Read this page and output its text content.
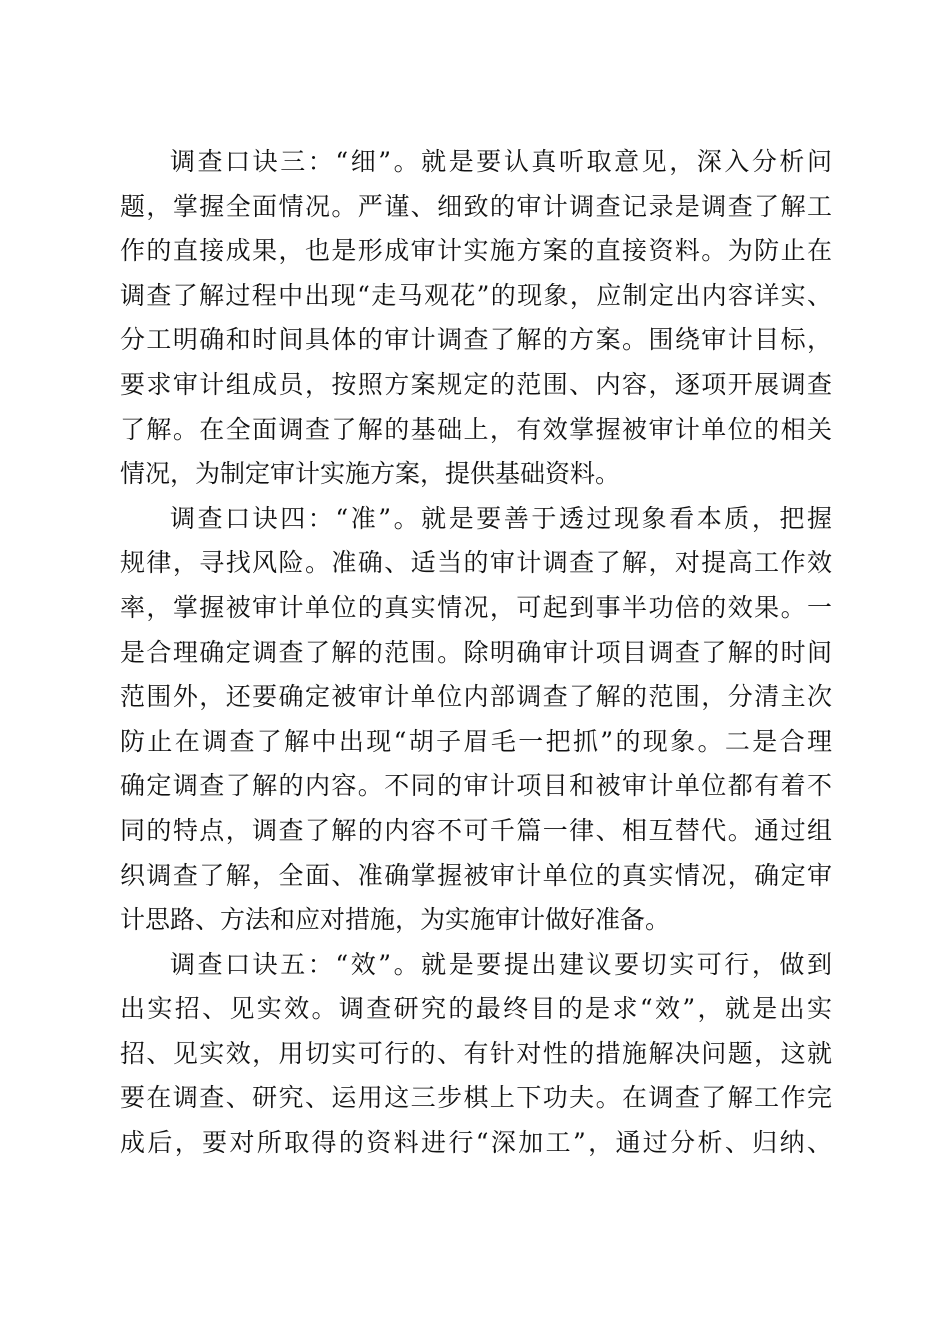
调查口诀三：“细”。就是要认真听取意见，深入分析问
题，掌握全面情况。严谨、细致的审计调查记录是调查了解工
作的直接成果，也是形成审计实施方案的直接资料。为防止在
调查了解过程中出现“走马观花”的现象，应制定出内容详实、
分工明确和时间具体的审计调查了解的方案。围绕审计目标，
要求审计组成员，按照方案规定的范围、内容，逐项开展调查
了解。在全面调查了解的基础上，有效掌握被审计单位的相关
情况，为制定审计实施方案，提供基础资料。
调查口诀四：“准”。就是要善于透过现象看本质，把握
规律，寻找风险。准确、适当的审计调查了解，对提高工作效
率，掌握被审计单位的真实情况，可起到事半功倍的效果。一
是合理确定调查了解的范围。除明确审计项目调查了解的时间
范围外，还要确定被审计单位内部调查了解的范围，分清主次
防止在调查了解中出现“胡子眉毛一把抓”的现象。二是合理
确定调查了解的内容。不同的审计项目和被审计单位都有着不
同的特点，调查了解的内容不可千篇一律、相互替代。通过组
织调查了解，全面、准确掌握被审计单位的真实情况，确定审
计思路、方法和应对措施，为实施审计做好准备。
调查口诀五：“效”。就是要提出建议要切实可行，做到
出实招、见实效。调查研究的最终目的是求“效”，就是出实
招、见实效，用切实可行的、有针对性的措施解决问题，这就
要在调查、研究、运用这三步棋上下功夫。在调查了解工作完
成后，要对所取得的资料进行“深加工”，通过分析、归纳、
